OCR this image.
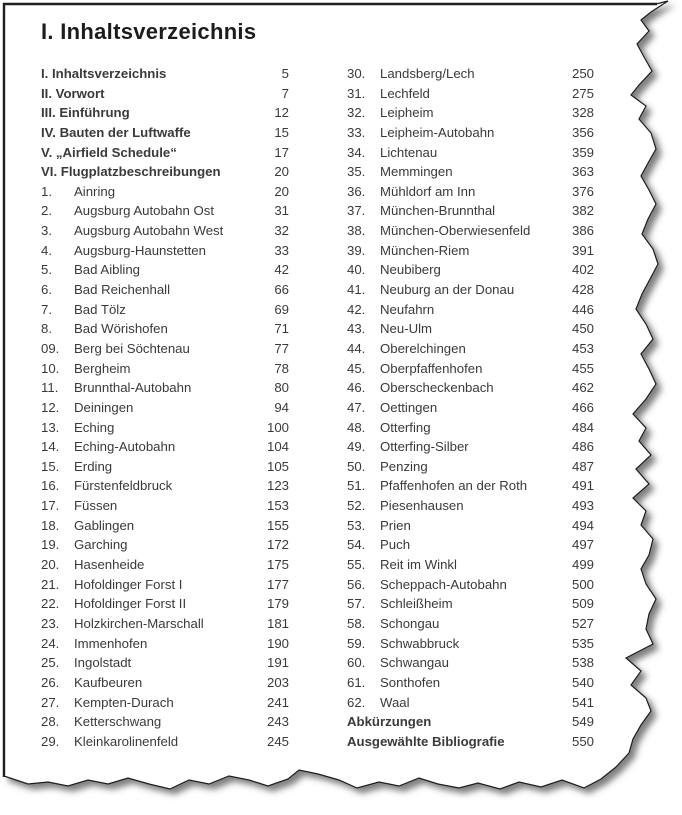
I. Inhaltsverzeichnis
I. Inhaltsverzeichnis	5
II. Vorwort	7
III. Einführung	12
IV. Bauten der Luftwaffe	15
V. „Airfield Schedule“	17
VI. Flugplatzbeschreibungen	20
1.	Ainring	20
2.	Augsburg Autobahn Ost	31
3.	Augsburg Autobahn West	32
4.	Augsburg-Haunstetten	33
5.	Bad Aibling	42
6.	Bad Reichenhall	66
7.	Bad Tölz	69
8.	Bad Wörishofen	71
09.	Berg bei Söchtenau	77
10.	Bergheim	78
11.	Brunnthal-Autobahn	80
12.	Deiningen	94
13.	Eching	100
14.	Eching-Autobahn	104
15.	Erding	105
16.	Fürstenfeldbruck	123
17.	Füssen	153
18.	Gablingen	155
19.	Garching	172
20.	Hasenheide	175
21.	Hofoldinger Forst I	177
22.	Hofoldinger Forst II	179
23.	Holzkirchen-Marschall	181
24.	Immenhofen	190
25.	Ingolstadt	191
26.	Kaufbeuren	203
27.	Kempten-Durach	241
28.	Ketterschwang	243
29.	Kleinkarolinenfeld	245
30.	Landsberg/Lech	250
31.	Lechfeld	275
32.	Leipheim	328
33.	Leipheim-Autobahn	356
34.	Lichtenau	359
35.	Memmingen	363
36.	Mühldorf am Inn	376
37.	München-Brunnthal	382
38.	München-Oberwiesenfeld	386
39.	München-Riem	391
40.	Neubiberg	402
41.	Neuburg an der Donau	428
42.	Neufahrn	446
43.	Neu-Ulm	450
44.	Oberelchingen	453
45.	Oberpfaffenhofen	455
46.	Oberscheckenbach	462
47.	Oettingen	466
48.	Otterfing	484
49.	Otterfing-Silber	486
50.	Penzing	487
51.	Pfaffenhofen an der Roth	491
52.	Piesenhausen	493
53.	Prien	494
54.	Puch	497
55.	Reit im Winkl	499
56.	Scheppach-Autobahn	500
57.	Schleißheim	509
58.	Schongau	527
59.	Schwabbruck	535
60.	Schwangau	538
61.	Sonthofen	540
62.	Waal	541
Abkürzungen	549
Ausgewählte Bibliografie	550
